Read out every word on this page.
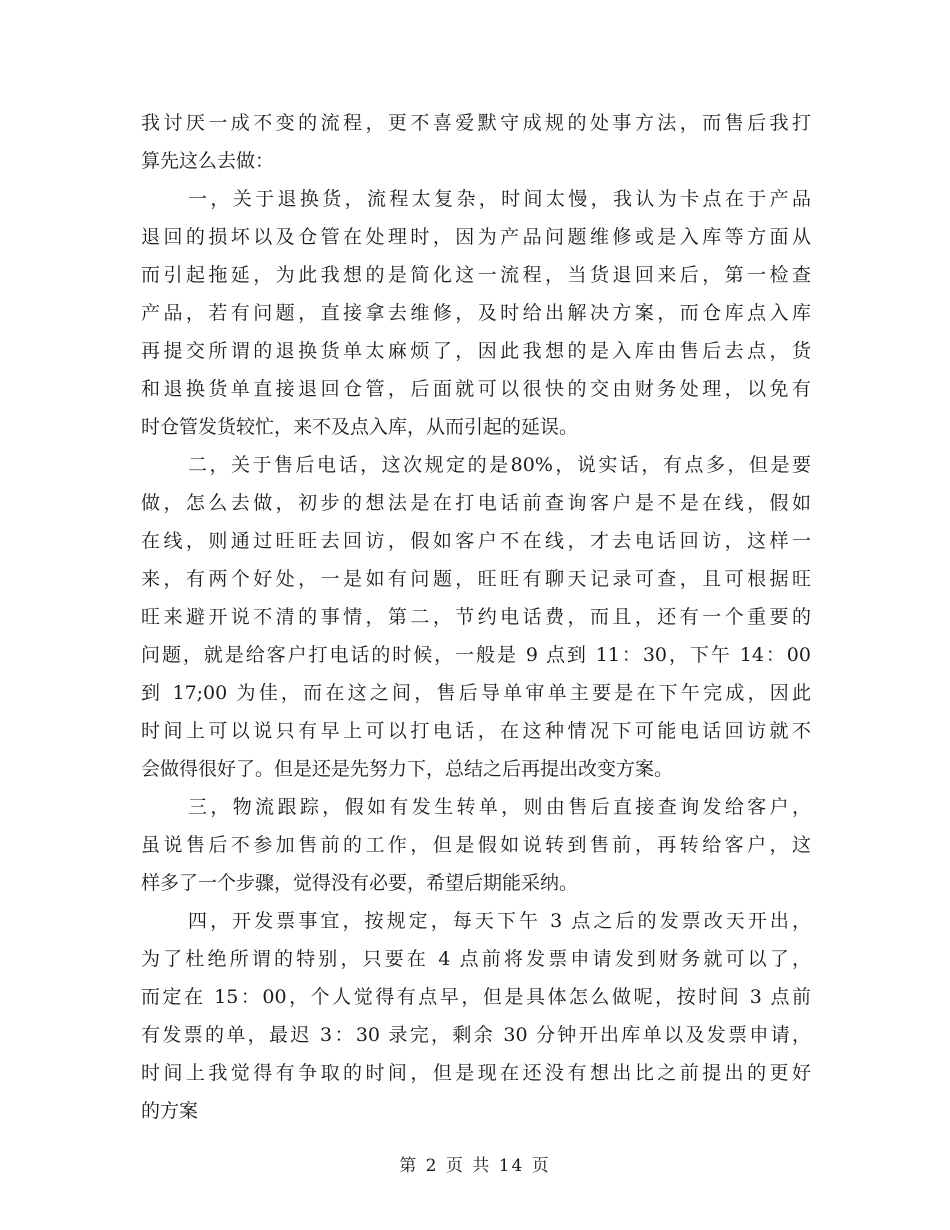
我讨厌一成不变的流程，更不喜爱默守成规的处事方法，而售后我打
算先这么去做：
一，关于退换货，流程太复杂，时间太慢，我认为卡点在于产品
退回的损坏以及仓管在处理时，因为产品问题维修或是入库等方面从
而引起拖延，为此我想的是简化这一流程，当货退回来后，第一检查
产品，若有问题，直接拿去维修，及时给出解决方案，而仓库点入库
再提交所谓的退换货单太麻烦了，因此我想的是入库由售后去点，货
和退换货单直接退回仓管，后面就可以很快的交由财务处理，以免有
时仓管发货较忙，来不及点入库，从而引起的延误。
二，关于售后电话，这次规定的是80%，说实话，有点多，但是要
做，怎么去做，初步的想法是在打电话前查询客户是不是在线，假如
在线，则通过旺旺去回访，假如客户不在线，才去电话回访，这样一
来，有两个好处，一是如有问题，旺旺有聊天记录可查，且可根据旺
旺来避开说不清的事情，第二，节约电话费，而且，还有一个重要的
问题，就是给客户打电话的时候，一般是 9 点到 11：30，下午 14：00
到 17;00 为佳，而在这之间，售后导单审单主要是在下午完成，因此
时间上可以说只有早上可以打电话，在这种情况下可能电话回访就不
会做得很好了。但是还是先努力下，总结之后再提出改变方案。
三，物流跟踪，假如有发生转单，则由售后直接查询发给客户，
虽说售后不参加售前的工作，但是假如说转到售前，再转给客户，这
样多了一个步骤，觉得没有必要，希望后期能采纳。
四，开发票事宜，按规定，每天下午 3 点之后的发票改天开出，
为了杜绝所谓的特别，只要在 4 点前将发票申请发到财务就可以了，
而定在 15：00，个人觉得有点早，但是具体怎么做呢，按时间 3 点前
有发票的单，最迟 3：30 录完，剩余 30 分钟开出库单以及发票申请，
时间上我觉得有争取的时间，但是现在还没有想出比之前提出的更好
的方案
第 2 页 共 14 页
